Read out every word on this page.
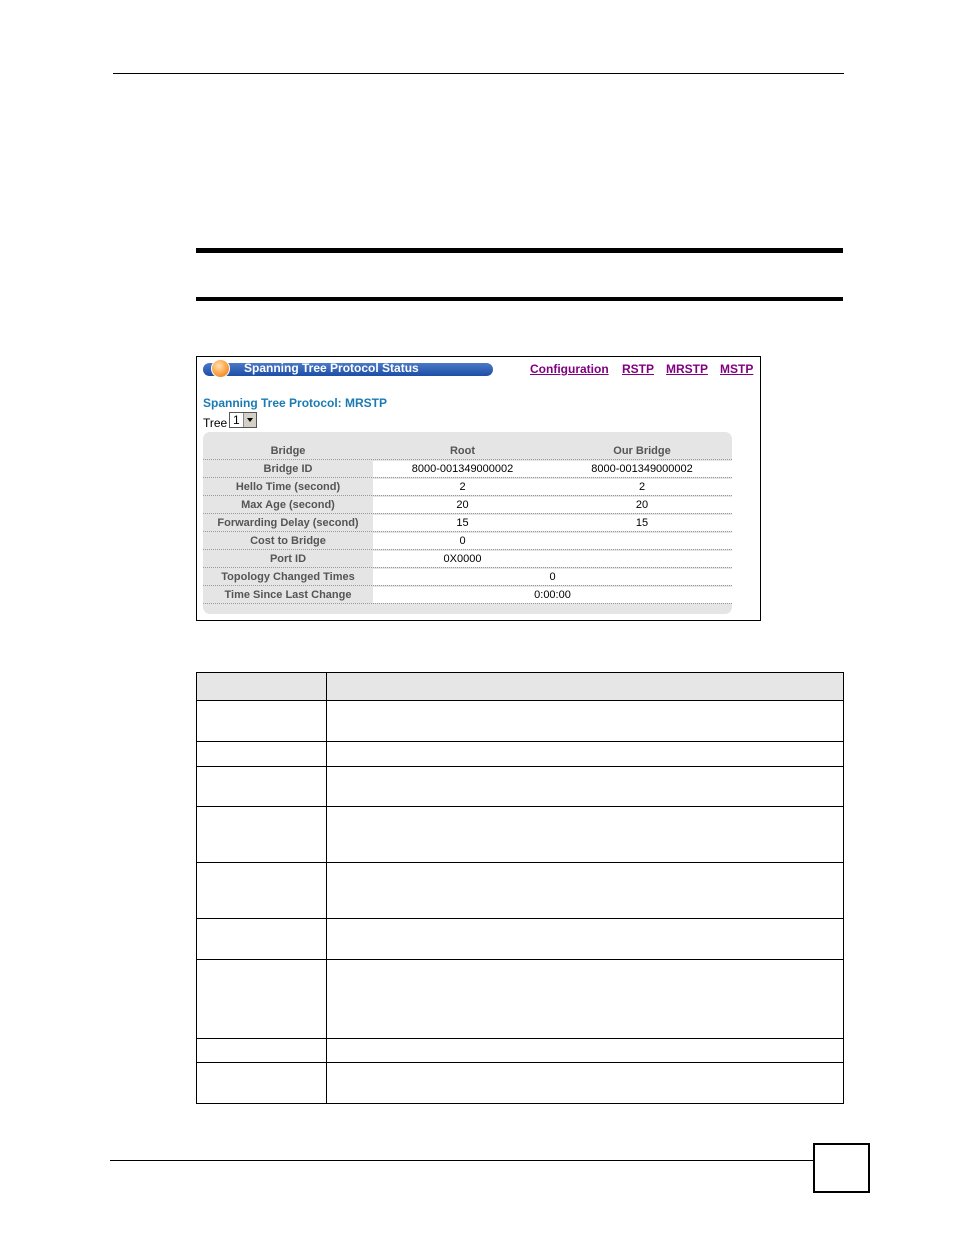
Spanning Tree Protocol Status	Configuration RSTP MRSTP MSTP
Spanning Tree Protocol: MRSTP
Tree 1
Bridge	Root	Our Bridge
Bridge ID	8000-001349000002	8000-001349000002
Hello Time (second)	2	2
Max Age (second)	20	20
Forwarding Delay (second)	15	15
Cost to Bridge	0
Port ID	0X0000
Topology Changed Times	0
Time Since Last Change	0:00:00
